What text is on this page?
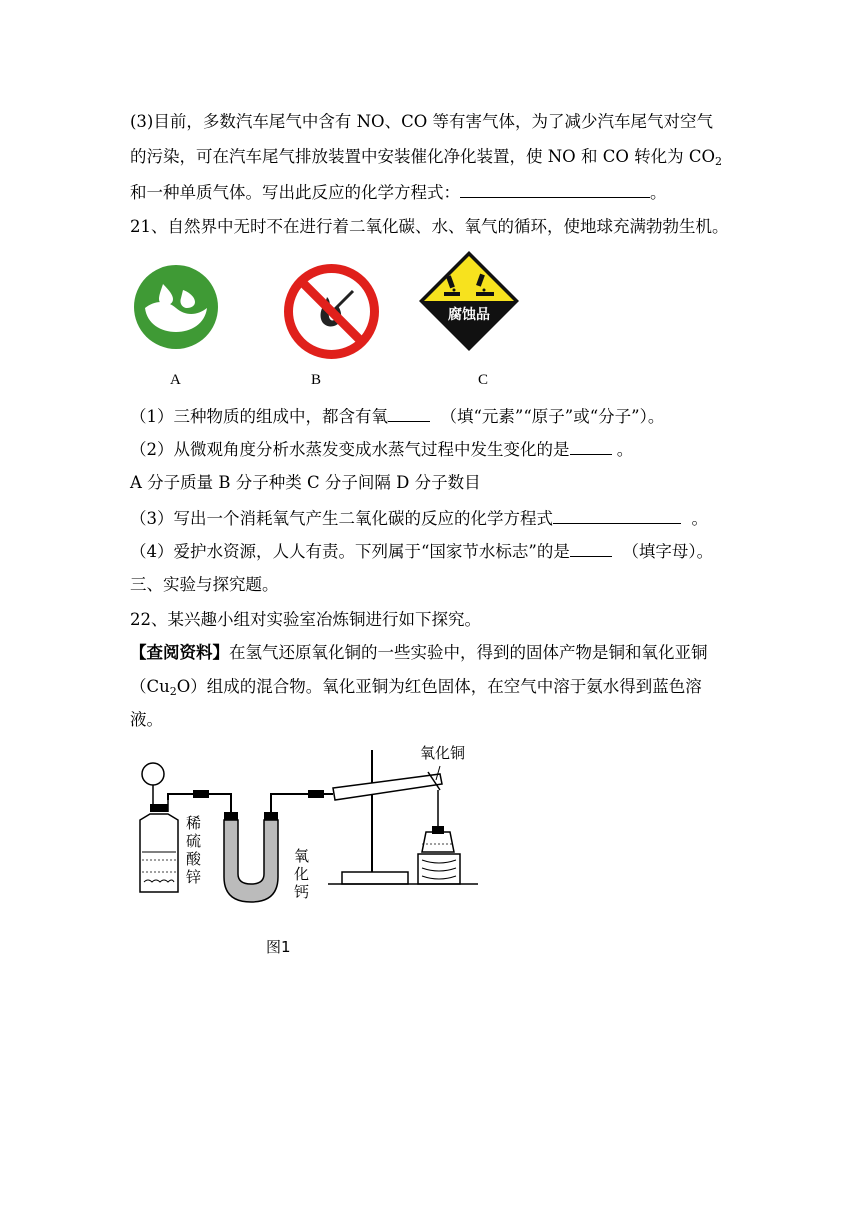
(3)目前，多数汽车尾气中含有 NO、CO 等有害气体，为了减少汽车尾气对空气
的污染，可在汽车尾气排放装置中安装催化净化装置，使 NO 和 CO 转化为 $CO_2$
和一种单质气体。写出此反应的化学方程式：	。
21、自然界中无时不在进行着二氧化碳、水、氧气的循环，使地球充满勃勃生机。
腐蚀品
A	B	C
（1）三种物质的组成中，都含有氧	（填“元素”“原子”或“分子”）。
（2）从微观角度分析水蒸发变成水蒸气过程中发生变化的是	。
A 分子质量 B 分子种类 C 分子间隔 D 分子数目
（3）写出一个消耗氧气产生二氧化碳的反应的化学方程式	。
（4）爱护水资源，人人有责。下列属于“国家节水标志”的是	（填字母）。
三、实验与探究题。
22、某兴趣小组对实验室冶炼铜进行如下探究。
【查阅资料】在氢气还原氧化铜的一些实验中，得到的固体产物是铜和氧化亚铜
$(Cu_2O)$组成的混合物。氧化亚铜为红色固体，在空气中溶于氨水得到蓝色溶
液。
稀
硫
酸
锌
氧
化
钙
氧化铜
图1
